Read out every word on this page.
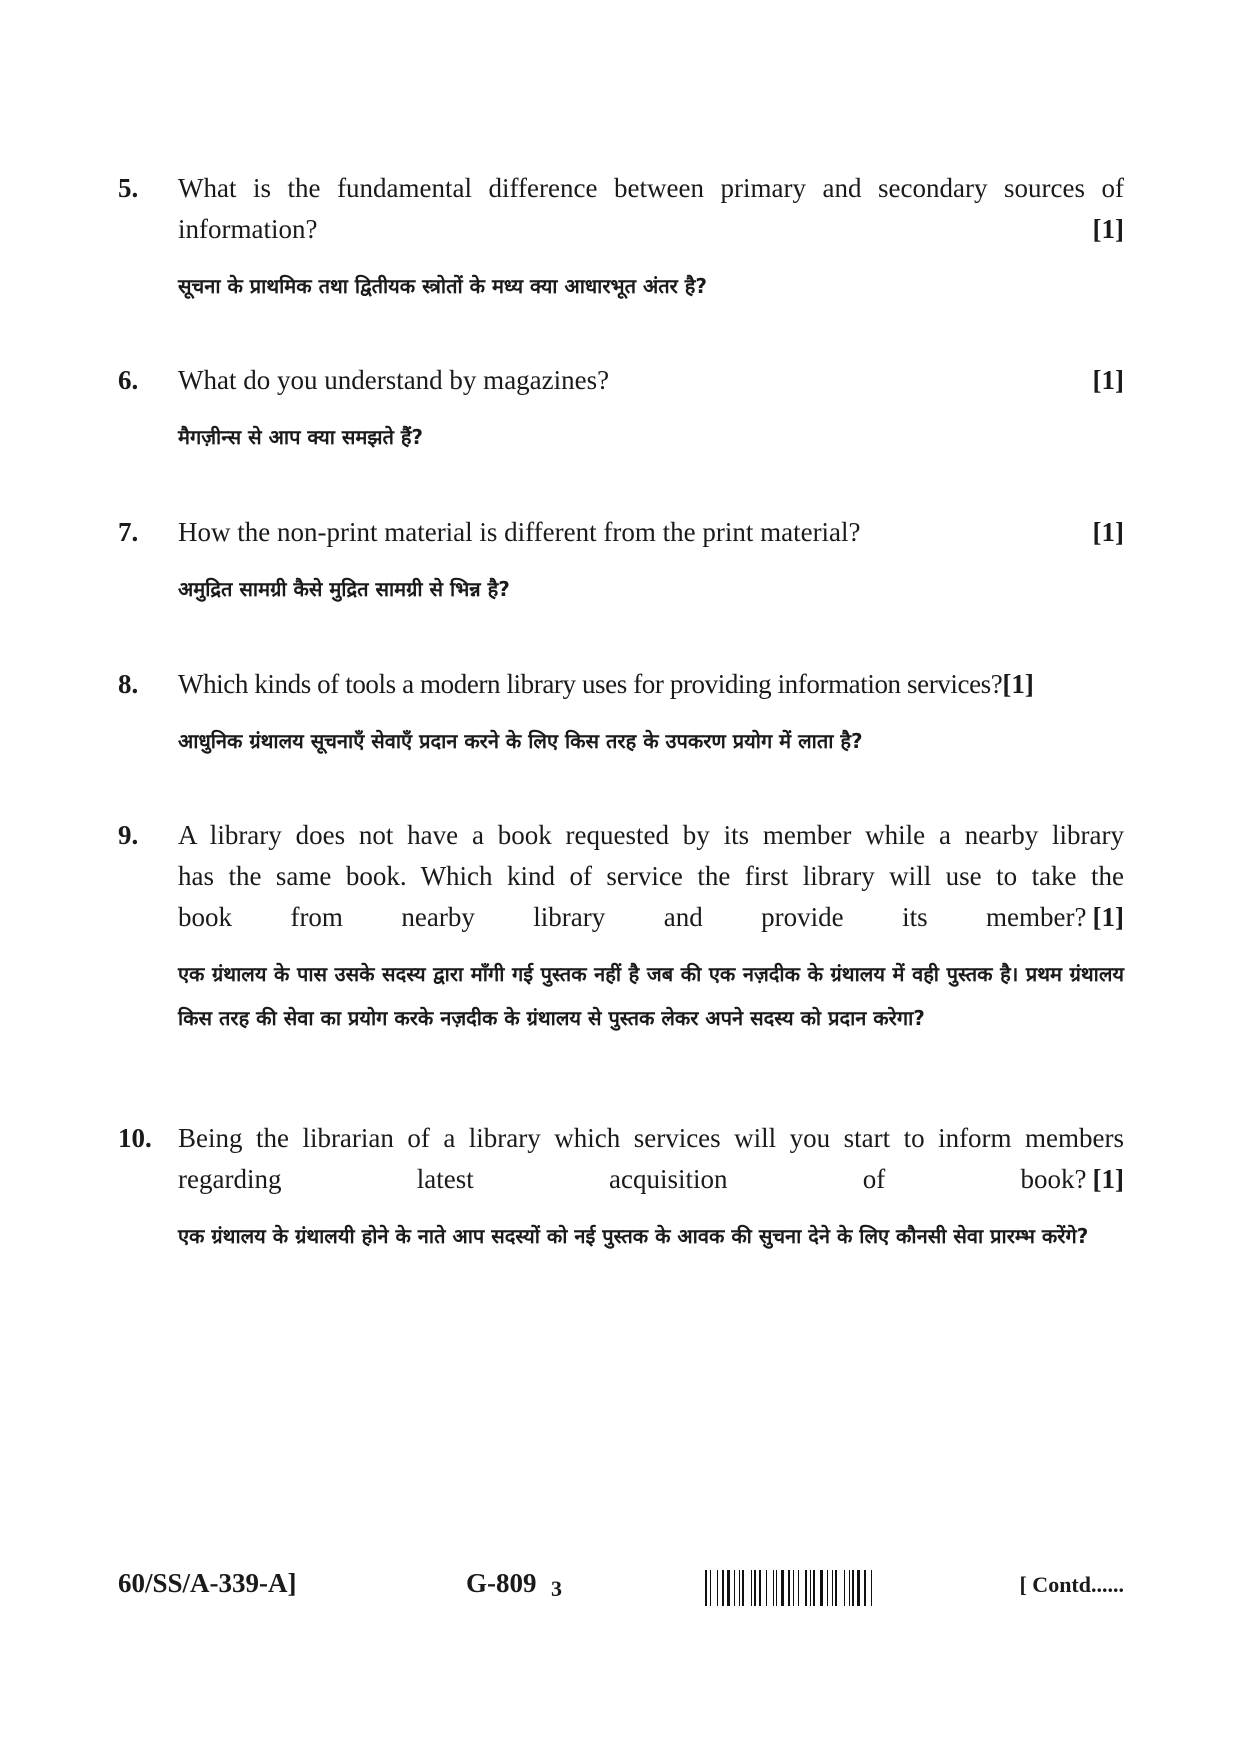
5. What is the fundamental difference between primary and secondary sources of

[1]
information?
सूचना के प्राथमिक तथा द्वितीयक स्त्रोतों के मध्य क्या आधारभूत अंतर है?
6.	[1]
What do you understand by magazines?
मैगज़ीन्स से आप क्या समझते हैं?
7.	[1]
How the non-print material is different from the print material?
अमुद्रित सामग्री कैसे मुद्रित सामग्री से भिन्न है?
8. Which kinds of tools a modern library uses for providing information services?[1]
आधुनिक ग्रंथालय सूचनाएँ सेवाएँ प्रदान करने के लिए किस तरह के उपकरण प्रयोग में लाता है?
9. A library does not have a book requested by its member while a nearby library
has the same book. Which kind of service the first library will use to take the

[1]
book from nearby library and provide its member?
एक ग्रंथालय के पास उसके सदस्य द्वारा माँगी गई पुस्तक नहीं है जब की एक नज़दीक के ग्रंथालय में वही पुस्तक है। प्रथम ग्रंथालय किस तरह की सेवा का प्रयोग करके नज़दीक के ग्रंथालय से पुस्तक लेकर अपने सदस्य को प्रदान करेगा?
10. Being the librarian of a library which services will you start to inform members

[1]
regarding latest acquisition of book?
एक ग्रंथालय के ग्रंथालयी होने के नाते आप सदस्यों को नई पुस्तक के आवक की सुचना देने के लिए कौनसी सेवा प्रारम्भ करेंगे?
60/SS/A-339-A]	G-809 3	[ Contd......
